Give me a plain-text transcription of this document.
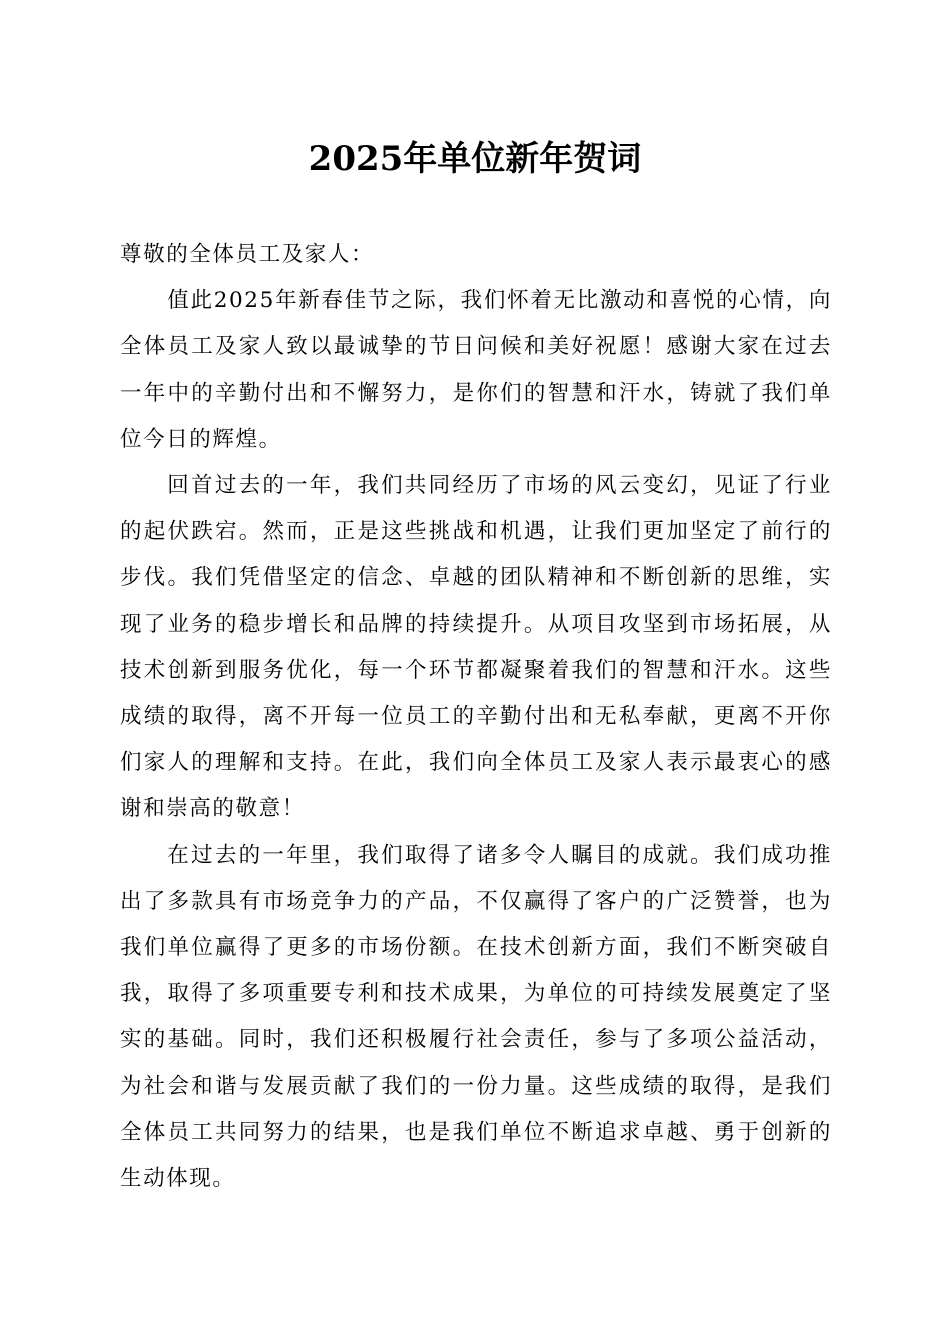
2025年单位新年贺词

尊敬的全体员工及家人：

值此2025年新春佳节之际，我们怀着无比激动和喜悦的心情，向全体员工及家人致以最诚挚的节日问候和美好祝愿！感谢大家在过去一年中的辛勤付出和不懈努力，是你们的智慧和汗水，铸就了我们单位今日的辉煌。

回首过去的一年，我们共同经历了市场的风云变幻，见证了行业的起伏跌宕。然而，正是这些挑战和机遇，让我们更加坚定了前行的步伐。我们凭借坚定的信念、卓越的团队精神和不断创新的思维，实现了业务的稳步增长和品牌的持续提升。从项目攻坚到市场拓展，从技术创新到服务优化，每一个环节都凝聚着我们的智慧和汗水。这些成绩的取得，离不开每一位员工的辛勤付出和无私奉献，更离不开你们家人的理解和支持。在此，我们向全体员工及家人表示最衷心的感谢和崇高的敬意！

在过去的一年里，我们取得了诸多令人瞩目的成就。我们成功推出了多款具有市场竞争力的产品，不仅赢得了客户的广泛赞誉，也为我们单位赢得了更多的市场份额。在技术创新方面，我们不断突破自我，取得了多项重要专利和技术成果，为单位的可持续发展奠定了坚实的基础。同时，我们还积极履行社会责任，参与了多项公益活动，为社会和谐与发展贡献了我们的一份力量。这些成绩的取得，是我们全体员工共同努力的结果，也是我们单位不断追求卓越、勇于创新的生动体现。
